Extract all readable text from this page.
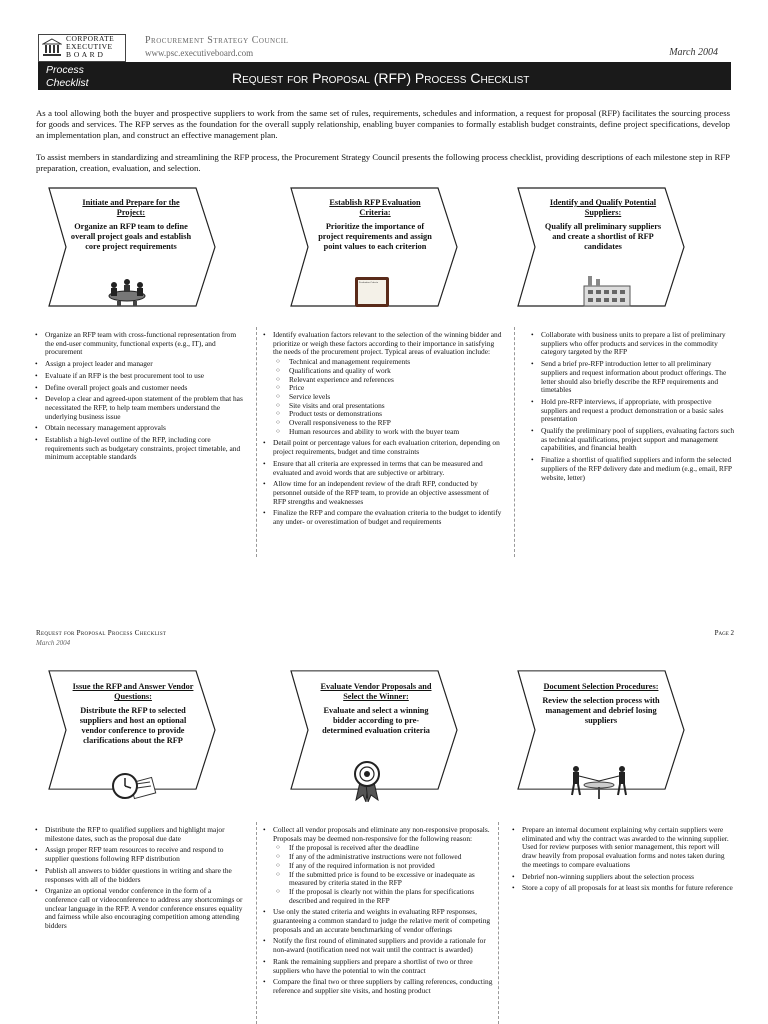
CORPORATE
EXECUTIVE
B O A R D
Procurement Strategy Council
www.psc.executiveboard.com	March 2004
Process
Checklist	Request for Proposal (RFP) Process Checklist
As a tool allowing both the buyer and prospective suppliers to work from the same set of rules, requirements, schedules and information, a request for proposal (RFP) facilitates the sourcing process for goods and services. The RFP serves as the foundation for the overall supply relationship, enabling buyer companies to formally establish budget constraints, define project specifications, develop an implementation plan, and construct an effective management plan.
To assist members in standardizing and streamlining the RFP process, the Procurement Strategy Council presents the following process checklist, providing descriptions of each milestone step in RFP preparation, creation, evaluation, and selection.
Initiate and Prepare for the Project:
Organize an RFP team to define overall project goals and establish core project requirements
Establish RFP Evaluation Criteria:
Prioritize the importance of project requirements and assign point values to each criterion
Evaluation Criteria
Identify and Qualify Potential Suppliers:
Qualify all preliminary suppliers and create a shortlist of RFP candidates
• Organize an RFP team with cross-functional representation from the end-user community, functional experts (e.g., IT), and procurement
• Assign a project leader and manager
• Evaluate if an RFP is the best procurement tool to use
• Define overall project goals and customer needs
• Develop a clear and agreed-upon statement of the problem that has necessitated the RFP, to help team members understand the underlying business issue
• Obtain necessary management approvals
• Establish a high-level outline of the RFP, including core requirements such as budgetary constraints, project timetable, and minimum acceptable standards
• Identify evaluation factors relevant to the selection of the winning bidder and prioritize or weigh these factors according to their importance in satisfying the needs of the procurement project. Typical areas of evaluation include:
○ Technical and management requirements
○ Qualifications and quality of work
○ Relevant experience and references
○ Price
○ Service levels
○ Site visits and oral presentations
○ Product tests or demonstrations
○ Overall responsiveness to the RFP
○ Human resources and ability to work with the buyer team
• Detail point or percentage values for each evaluation criterion, depending on project requirements, budget and time constraints
• Ensure that all criteria are expressed in terms that can be measured and evaluated and avoid words that are subjective or arbitrary.
• Allow time for an independent review of the draft RFP, conducted by personnel outside of the RFP team, to provide an objective assessment of RFP strengths and weaknesses
• Finalize the RFP and compare the evaluation criteria to the budget to identify any under- or overestimation of budget and requirements
• Collaborate with business units to prepare a list of preliminary suppliers who offer products and services in the commodity category targeted by the RFP
• Send a brief pre-RFP introduction letter to all preliminary suppliers and request information about product offerings. The letter should also briefly describe the RFP requirements and timetables
• Hold pre-RFP interviews, if appropriate, with prospective suppliers and request a product demonstration or a basic sales presentation
• Qualify the preliminary pool of suppliers, evaluating factors such as technical qualifications, project support and management capabilities, and financial health
• Finalize a shortlist of qualified suppliers and inform the selected suppliers of the RFP delivery date and medium (e.g., email, RFP website, letter)
Request for Proposal Process Checklist
March 2004
Page 2
Issue the RFP and Answer Vendor Questions:
Distribute the RFP to selected suppliers and host an optional vendor conference to provide clarifications about the RFP
Evaluate Vendor Proposals and Select the Winner:
Evaluate and select a winning bidder according to pre-determined evaluation criteria
Document Selection Procedures:
Review the selection process with management and debrief losing suppliers
• Distribute the RFP to qualified suppliers and highlight major milestone dates, such as the proposal due date
• Assign proper RFP team resources to receive and respond to supplier questions following RFP distribution
• Publish all answers to bidder questions in writing and share the responses with all of the bidders
• Organize an optional vendor conference in the form of a conference call or videoconference to address any shortcomings or unclear language in the RFP. A vendor conference ensures equality and fairness while also encouraging competition among attending bidders
• Collect all vendor proposals and eliminate any non-responsive proposals. Proposals may be deemed non-responsive for the following reason:
○ If the proposal is received after the deadline
○ If any of the administrative instructions were not followed
○ If any of the required information is not provided
○ If the submitted price is found to be excessive or inadequate as measured by criteria stated in the RFP
○ If the proposal is clearly not within the plans for specifications described and required in the RFP
• Use only the stated criteria and weights in evaluating RFP responses, guaranteeing a common standard to judge the relative merit of competing proposals and an accurate benchmarking of vendor offerings
• Notify the first round of eliminated suppliers and provide a rationale for non-award (notification need not wait until the contract is awarded)
• Rank the remaining suppliers and prepare a shortlist of two or three suppliers who have the potential to win the contract
• Compare the final two or three suppliers by calling references, conducting reference and supplier site visits, and hosting product
• Prepare an internal document explaining why certain suppliers were eliminated and why the contract was awarded to the winning supplier. Used for review purposes with senior management, this report will draw heavily from proposal evaluation forms and notes taken during the meetings to compare evaluations
• Debrief non-winning suppliers about the selection process
• Store a copy of all proposals for at least six months for future reference
